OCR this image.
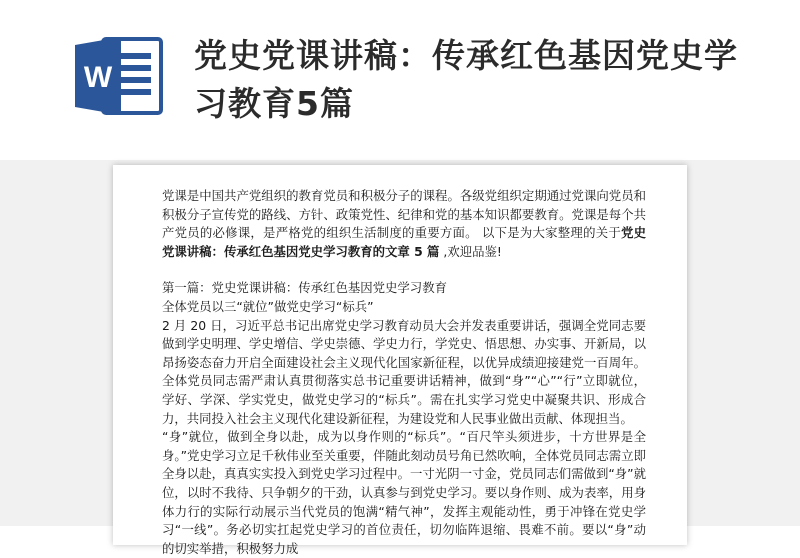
W
党史党课讲稿：传承红色基因党史学习教育5篇

党课是中国共产党组织的教育党员和积极分子的课程。各级党组织定期通过党课向党员和积极分子宣传党的路线、方针、政策党性、纪律和党的基本知识都要教育。党课是每个共产党员的必修课，是严格党的组织生活制度的重要方面。 以下是为大家整理的关于党史党课讲稿：传承红色基因党史学习教育的文章 5 篇 ,欢迎品鉴!

第一篇：党史党课讲稿：传承红色基因党史学习教育

全体党员以三“就位”做党史学习“标兵”

2 月 20 日，习近平总书记出席党史学习教育动员大会并发表重要讲话，强调全党同志要做到学史明理、学史增信、学史崇德、学史力行，学党史、悟思想、办实事、开新局，以昂扬姿态奋力开启全面建设社会主义现代化国家新征程，以优异成绩迎接建党一百周年。全体党员同志需严肃认真贯彻落实总书记重要讲话精神，做到“身”“心”“行”立即就位，学好、学深、学实党史，做党史学习的“标兵”。需在扎实学习党史中凝聚共识、形成合力，共同投入社会主义现代化建设新征程，为建设党和人民事业做出贡献、体现担当。

“身”就位，做到全身以赴，成为以身作则的“标兵”。“百尺竿头须进步，十方世界是全身。”党史学习立足千秋伟业至关重要，伴随此刻动员号角已然吹响，全体党员同志需立即全身以赴，真真实实投入到党史学习过程中。一寸光阴一寸金，党员同志们需做到“身”就位，以时不我待、只争朝夕的干劲，认真参与到党史学习。要以身作则、成为表率，用身体力行的实际行动展示当代党员的饱满“精气神”，发挥主观能动性，勇于冲锋在党史学习“一线”。务必切实扛起党史学习的首位责任，切勿临阵退缩、畏难不前。要以“身”动的切实举措，积极努力成
